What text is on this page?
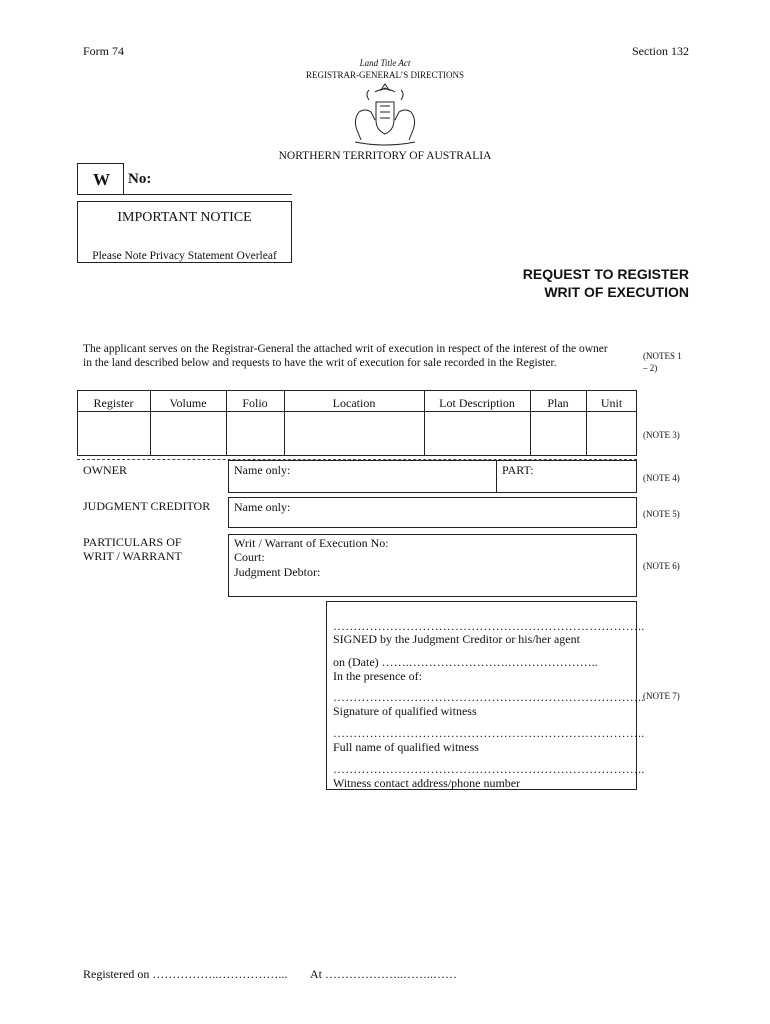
Form 74	Section 132
Land Title Act
REGISTRAR-GENERAL’S DIRECTIONS
NORTHERN TERRITORY OF AUSTRALIA
W No:
IMPORTANT NOTICE
Please Note Privacy Statement Overleaf
REQUEST TO REGISTER
WRIT OF EXECUTION
The applicant serves on the Registrar-General the attached writ of execution in respect of the interest of the owner
in the land described below and requests to have the writ of execution for sale recorded in the Register.
(NOTES 1
– 2)
Register	Volume	Folio	Location	Lot Description	Plan	Unit
(NOTE 3)
OWNER	Name only:	PART:
(NOTE 4)
JUDGMENT CREDITOR Name only:	(NOTE 5)
PARTICULARS OF
WRIT / WARRANT
Writ / Warrant of Execution No:
Court:
Judgment Debtor:	(NOTE 6)
…………………………………………………………………..
SIGNED by the Judgment Creditor or his/her agent
on (Date) …….…………………….…………………..
In the presence of:
…………………………………………………………………..
Signature of qualified witness
…………………………………………………………………..
Full name of qualified witness
…………………………………………………………………..
Witness contact address/phone number
(NOTE 7)
Registered on ……………..……………... At ………………..……..……
